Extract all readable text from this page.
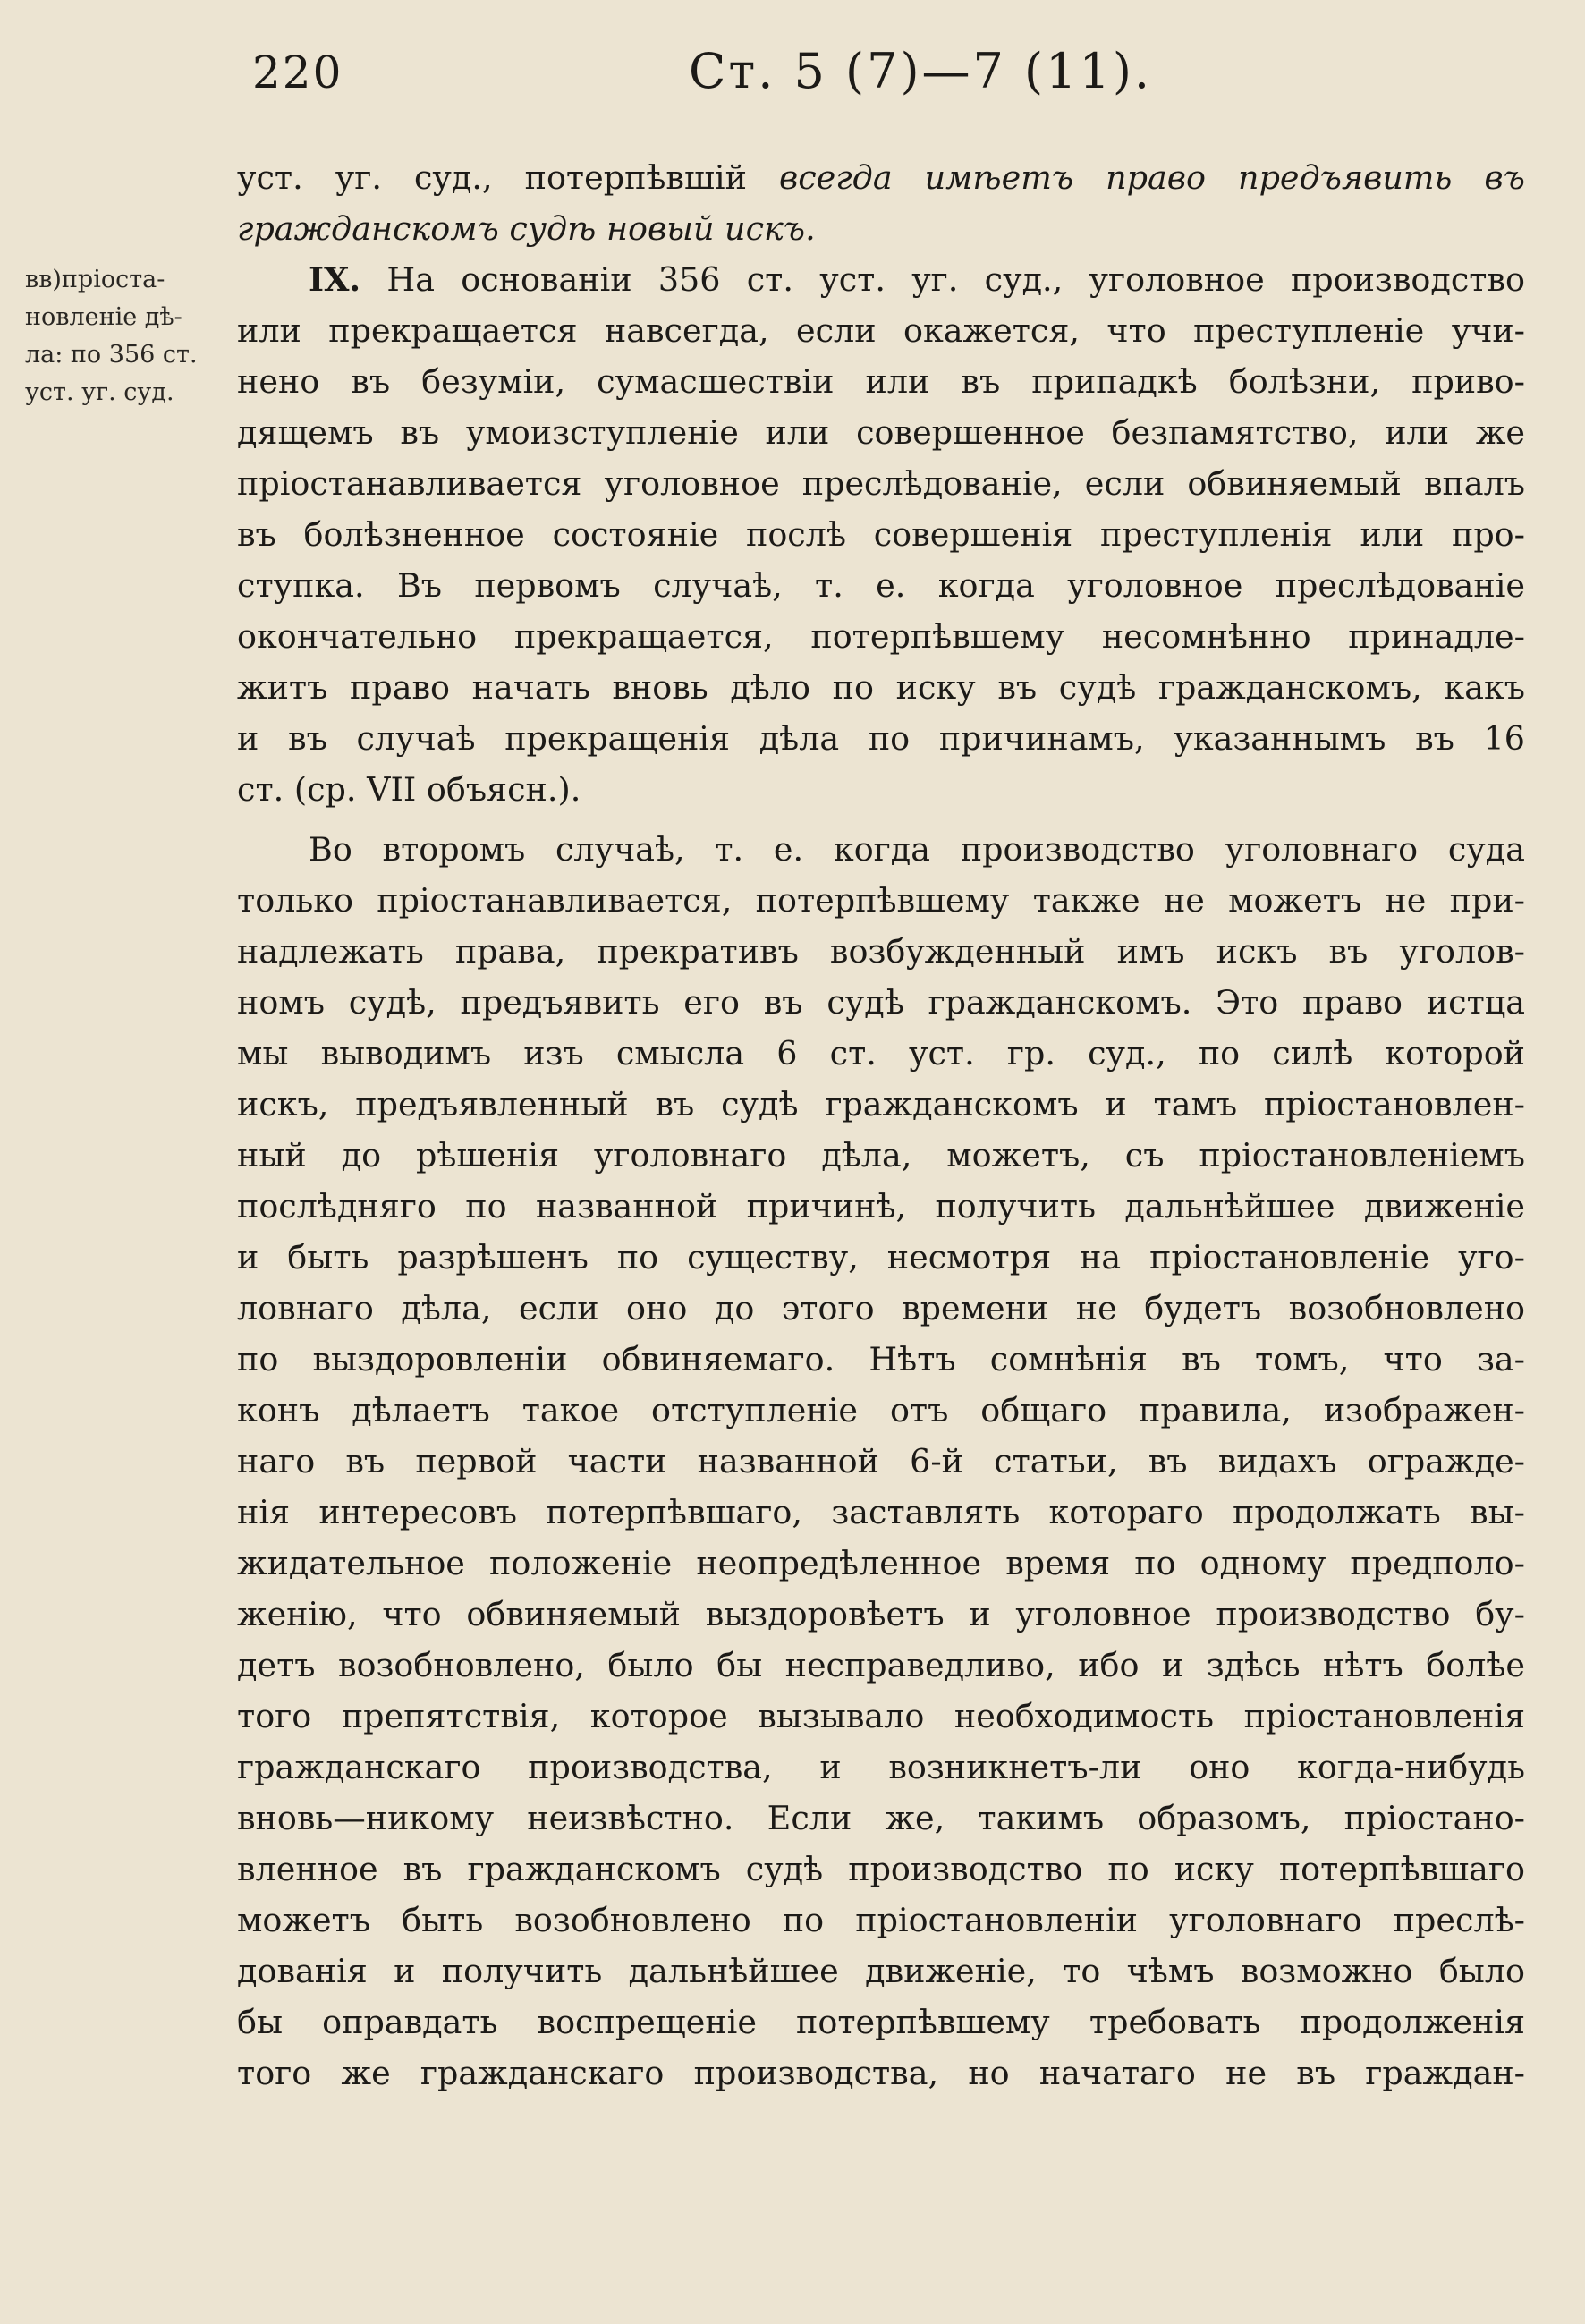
220	Ст. 5 (7)—7 (11).
вв)пріоста-
новленіе дѣ-
ла: по 356 ст.
уст. уг. суд.
уст. уг. суд., потерпѣвшій всегда имѣетъ право предъявить въ
гражданскомъ судѣ новый искъ.
IX. На основаніи 356 ст. уст. уг. суд., уголовное производство
или прекращается навсегда, если окажется, что преступленіе учи-
нено въ безуміи, сумасшествіи или въ припадкѣ болѣзни, приво-
дящемъ въ умоизступленіе или совершенное безпамятство, или же
пріостанавливается уголовное преслѣдованіе, если обвиняемый впалъ
въ болѣзненное состояніе послѣ совершенія преступленія или про-
ступка. Въ первомъ случаѣ, т. е. когда уголовное преслѣдованіе
окончательно прекращается, потерпѣвшему несомнѣнно принадле-
житъ право начать вновь дѣло по иску въ судѣ гражданскомъ, какъ
и въ случаѣ прекращенія дѣла по причинамъ, указаннымъ въ 16
ст. (ср. VII объясн.).
Во второмъ случаѣ, т. е. когда производство уголовнаго суда
только пріостанавливается, потерпѣвшему также не можетъ не при-
надлежать права, прекративъ возбужденный имъ искъ въ уголов-
номъ судѣ, предъявить его въ судѣ гражданскомъ. Это право истца
мы выводимъ изъ смысла 6 ст. уст. гр. суд., по силѣ которой
искъ, предъявленный въ судѣ гражданскомъ и тамъ пріостановлен-
ный до рѣшенія уголовнаго дѣла, можетъ, съ пріостановленіемъ
послѣдняго по названной причинѣ, получить дальнѣйшее движеніе
и быть разрѣшенъ по существу, несмотря на пріостановленіе уго-
ловнаго дѣла, если оно до этого времени не будетъ возобновлено
по выздоровленіи обвиняемаго. Нѣтъ сомнѣнія въ томъ, что за-
конъ дѣлаетъ такое отступленіе отъ общаго правила, изображен-
наго въ первой части названной 6-й статьи, въ видахъ огражде-
нія интересовъ потерпѣвшаго, заставлять котораго продолжать вы-
жидательное положеніе неопредѣленное время по одному предполо-
женію, что обвиняемый выздоровѣетъ и уголовное производство бу-
детъ возобновлено, было бы несправедливо, ибо и здѣсь нѣтъ болѣе
того препятствія, которое вызывало необходимость пріостановленія
гражданскаго производства, и возникнетъ-ли оно когда-нибудь
вновь—никому неизвѣстно. Если же, такимъ образомъ, пріостано-
вленное въ гражданскомъ судѣ производство по иску потерпѣвшаго
можетъ быть возобновлено по пріостановленіи уголовнаго преслѣ-
дованія и получить дальнѣйшее движеніе, то чѣмъ возможно было
бы оправдать воспрещеніе потерпѣвшему требовать продолженія
того же гражданскаго производства, но начатаго не въ граждан-
